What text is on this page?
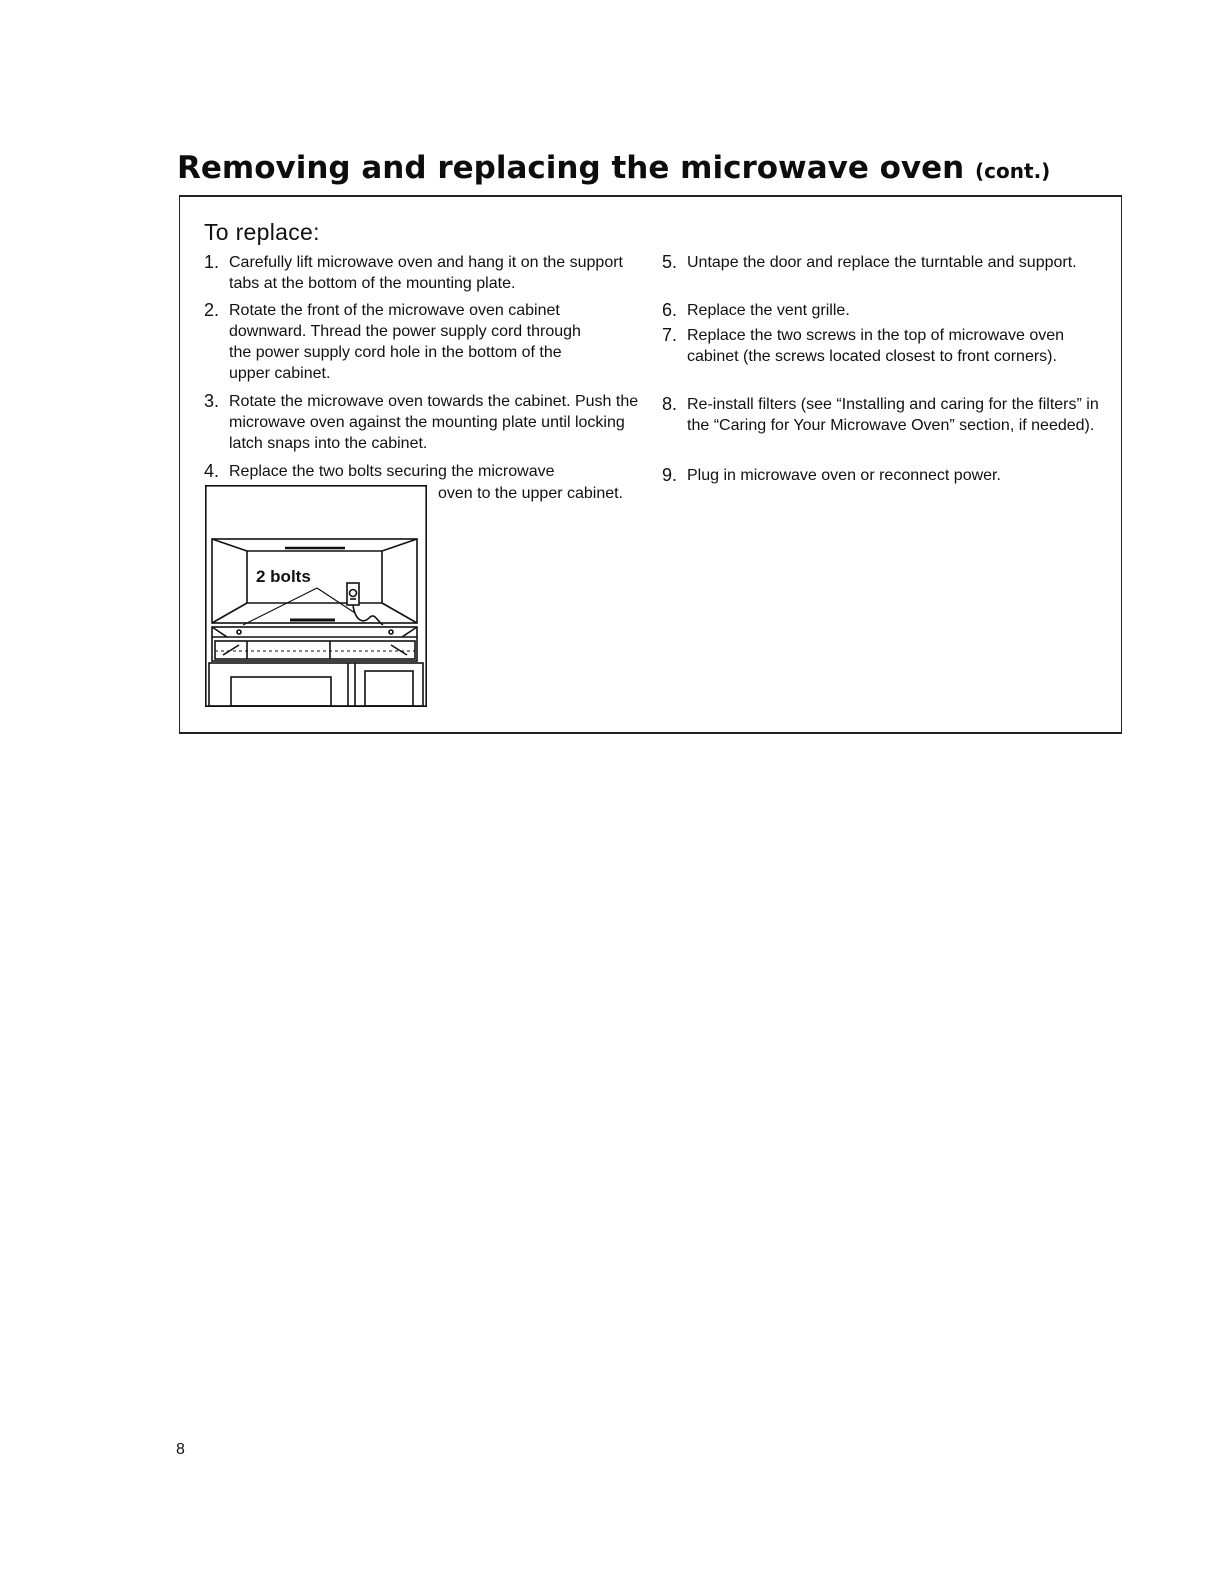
Removing and replacing the microwave oven (cont.)
To replace:
1. Carefully lift microwave oven and hang it on the support tabs at the bottom of the mounting plate.
2. Rotate the front of the microwave oven cabinet downward. Thread the power supply cord through the power supply cord hole in the bottom of the upper cabinet.
3. Rotate the microwave oven towards the cabinet. Push the microwave oven against the mounting plate until locking latch snaps into the cabinet.
4. Replace the two bolts securing the microwave
oven to the upper cabinet.
2 bolts
5. Untape the door and replace the turntable and support.
6. Replace the vent grille.
7. Replace the two screws in the top of microwave oven cabinet (the screws located closest to front corners).
8. Re-install filters (see “Installing and caring for the filters” in the “Caring for Your Microwave Oven” section, if needed).
9. Plug in microwave oven or reconnect power.
8
